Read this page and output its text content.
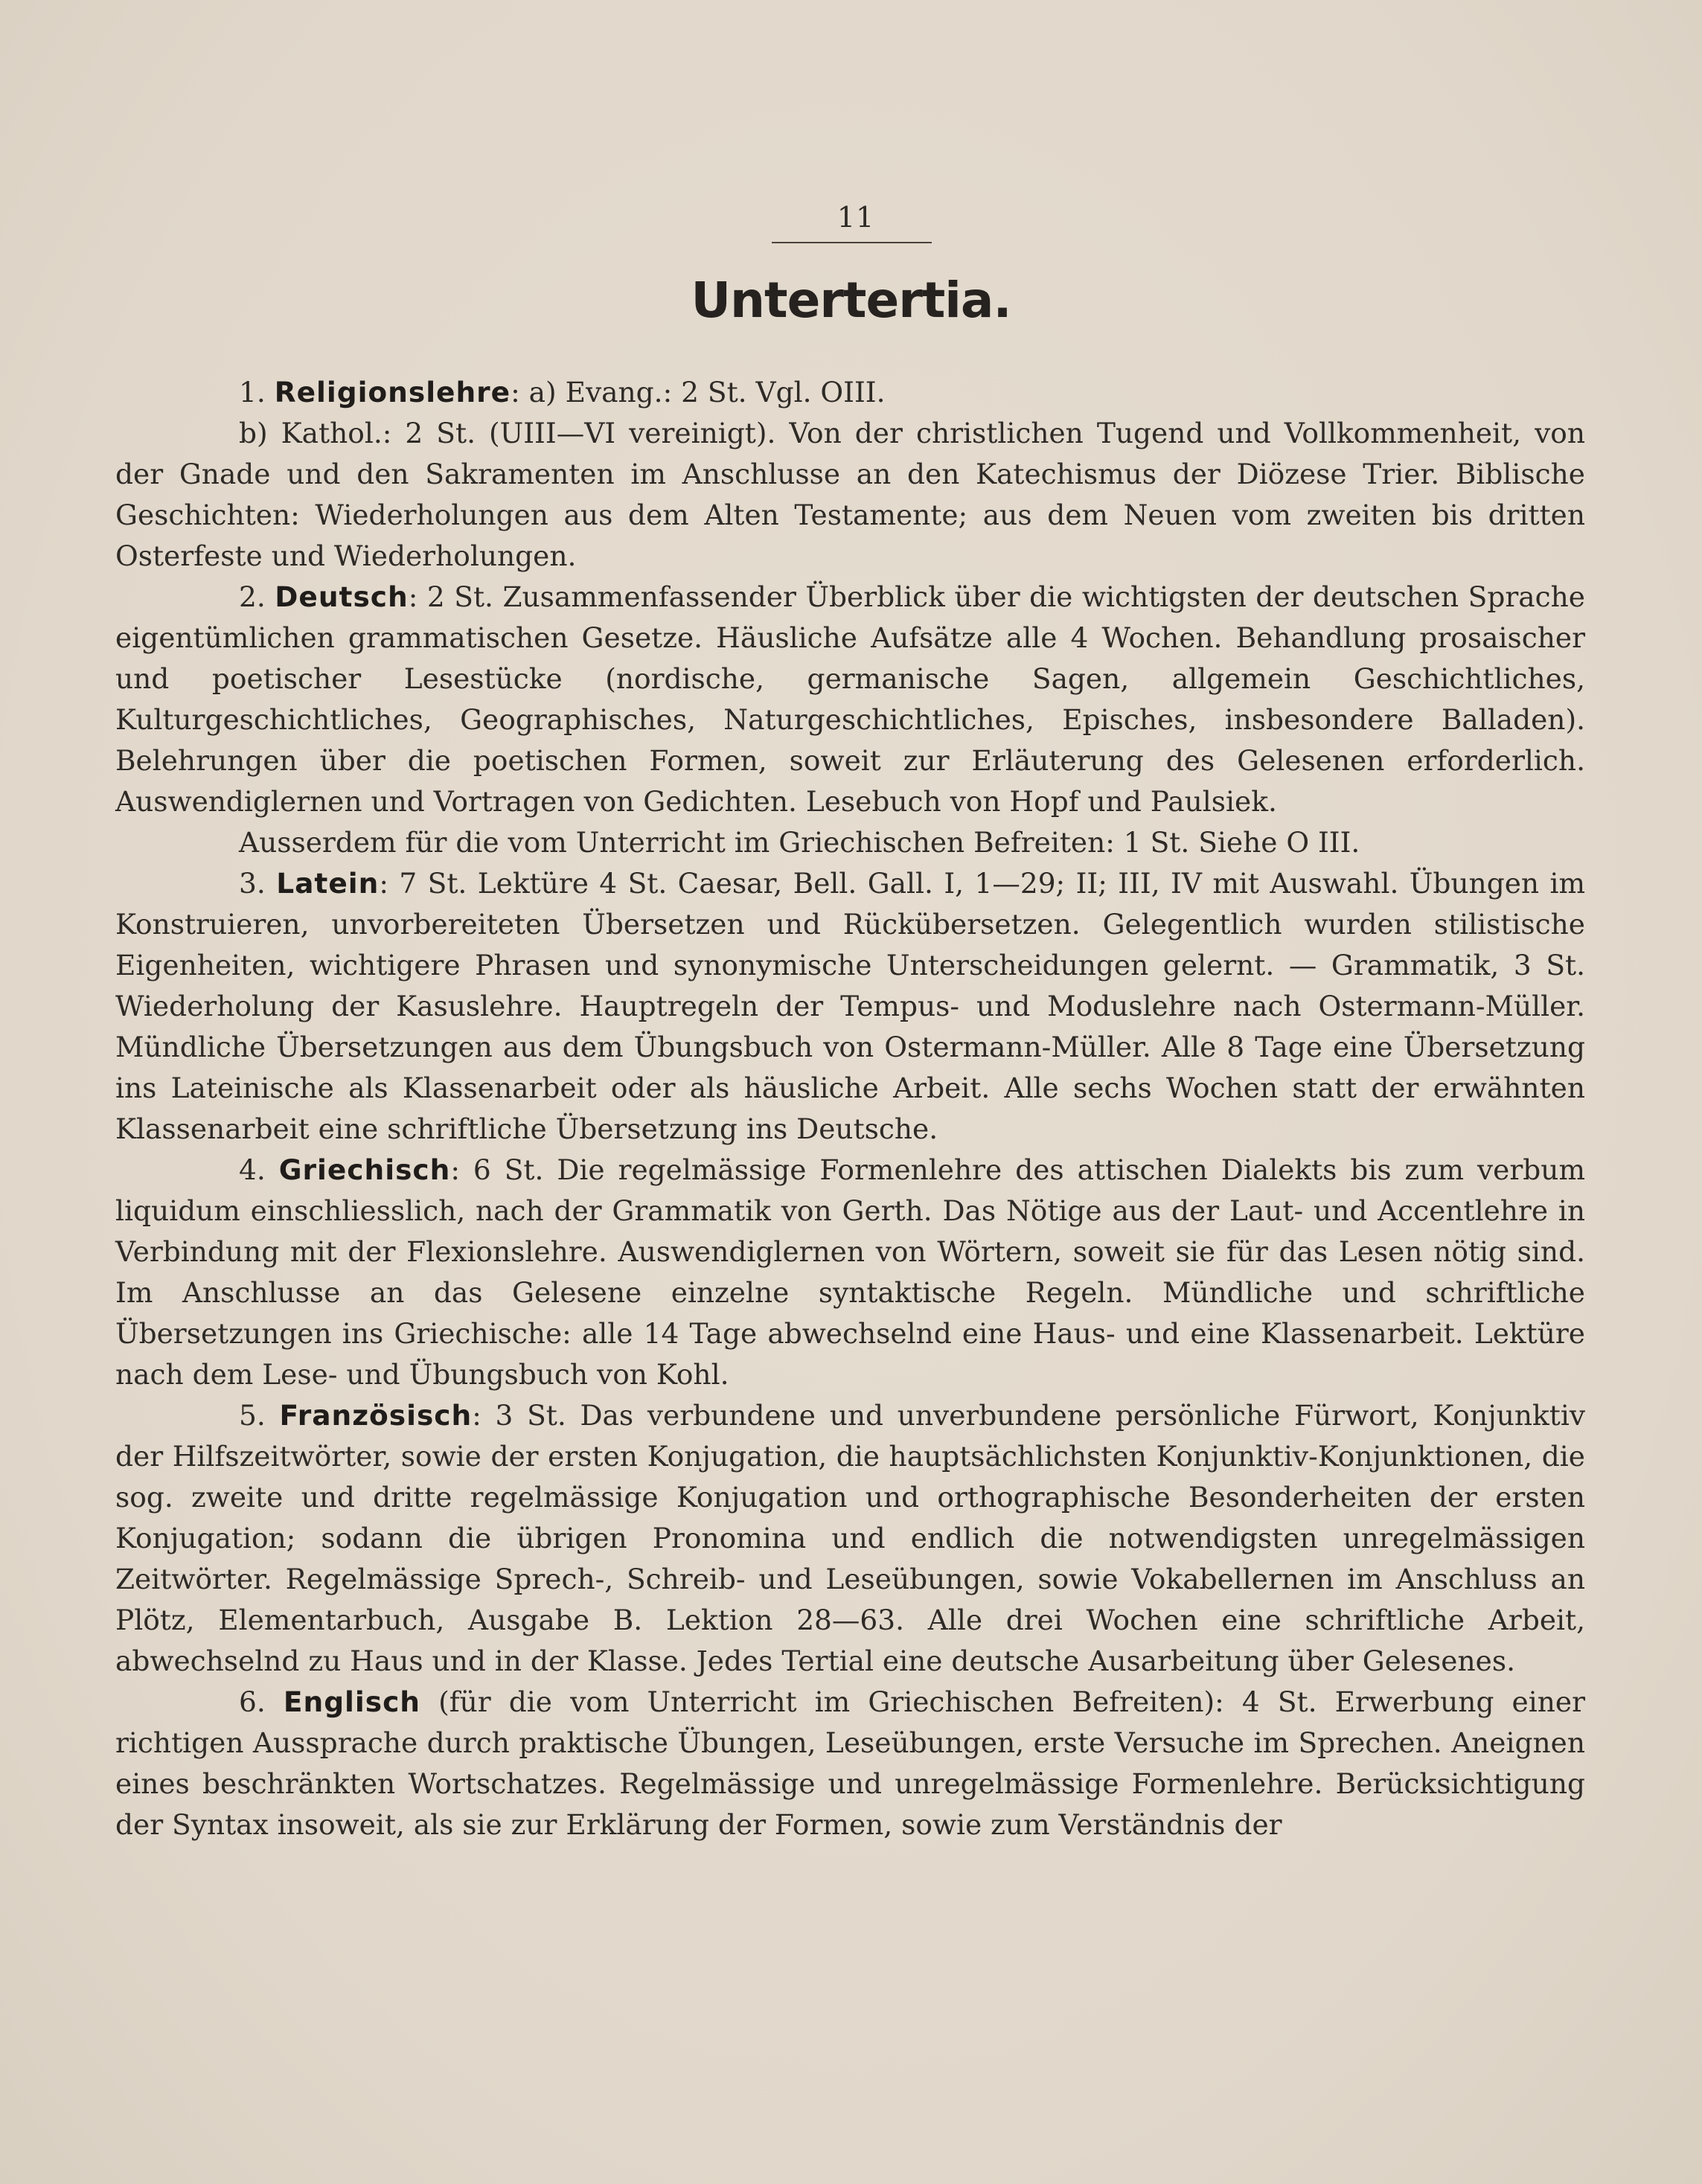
11
Untertertia.

1. Religionslehre: a) Evang.: 2 St. Vgl. OIII.

b) Kathol.: 2 St. (UIII—VI vereinigt). Von der christlichen Tugend und Vollkommenheit, von der Gnade und den Sakramenten im Anschlusse an den Katechismus der Diözese Trier. Biblische Geschichten: Wiederholungen aus dem Alten Testamente; aus dem Neuen vom zweiten bis dritten Osterfeste und Wiederholungen.

2. Deutsch: 2 St. Zusammenfassender Überblick über die wichtigsten der deutschen Sprache eigentümlichen grammatischen Gesetze. Häusliche Aufsätze alle 4 Wochen. Behandlung prosaischer und poetischer Lesestücke (nordische, germanische Sagen, allgemein Geschichtliches, Kulturgeschichtliches, Geographisches, Naturgeschichtliches, Episches, insbesondere Balladen). Belehrungen über die poetischen Formen, soweit zur Erläuterung des Gelesenen erforderlich. Auswendiglernen und Vortragen von Gedichten. Lesebuch von Hopf und Paulsiek.

Ausserdem für die vom Unterricht im Griechischen Befreiten: 1 St. Siehe O III.

3. Latein: 7 St. Lektüre 4 St. Caesar, Bell. Gall. I, 1—29; II; III, IV mit Auswahl. Übungen im Konstruieren, unvorbereiteten Übersetzen und Rückübersetzen. Gelegentlich wurden stilistische Eigenheiten, wichtigere Phrasen und synonymische Unterscheidungen gelernt. — Grammatik, 3 St. Wiederholung der Kasuslehre. Hauptregeln der Tempus- und Moduslehre nach Ostermann-Müller. Mündliche Übersetzungen aus dem Übungsbuch von Ostermann-Müller. Alle 8 Tage eine Übersetzung ins Lateinische als Klassenarbeit oder als häusliche Arbeit. Alle sechs Wochen statt der erwähnten Klassenarbeit eine schriftliche Übersetzung ins Deutsche.

4. Griechisch: 6 St. Die regelmässige Formenlehre des attischen Dialekts bis zum verbum liquidum einschliesslich, nach der Grammatik von Gerth. Das Nötige aus der Laut- und Accentlehre in Verbindung mit der Flexionslehre. Auswendiglernen von Wörtern, soweit sie für das Lesen nötig sind. Im Anschlusse an das Gelesene einzelne syntaktische Regeln. Mündliche und schriftliche Übersetzungen ins Griechische: alle 14 Tage abwechselnd eine Haus- und eine Klassenarbeit. Lektüre nach dem Lese- und Übungsbuch von Kohl.

5. Französisch: 3 St. Das verbundene und unverbundene persönliche Fürwort, Konjunktiv der Hilfszeitwörter, sowie der ersten Konjugation, die hauptsächlichsten Konjunktiv-Konjunktionen, die sog. zweite und dritte regelmässige Konjugation und orthographische Besonderheiten der ersten Konjugation; sodann die übrigen Pronomina und endlich die notwendigsten unregelmässigen Zeitwörter. Regelmässige Sprech-, Schreib- und Leseübungen, sowie Vokabellernen im Anschluss an Plötz, Elementarbuch, Ausgabe B. Lektion 28—63. Alle drei Wochen eine schriftliche Arbeit, abwechselnd zu Haus und in der Klasse. Jedes Tertial eine deutsche Ausarbeitung über Gelesenes.

6. Englisch (für die vom Unterricht im Griechischen Befreiten): 4 St. Erwerbung einer richtigen Aussprache durch praktische Übungen, Leseübungen, erste Versuche im Sprechen. Aneignen eines beschränkten Wortschatzes. Regelmässige und unregelmässige Formenlehre. Berücksichtigung der Syntax insoweit, als sie zur Erklärung der Formen, sowie zum Verständnis der
